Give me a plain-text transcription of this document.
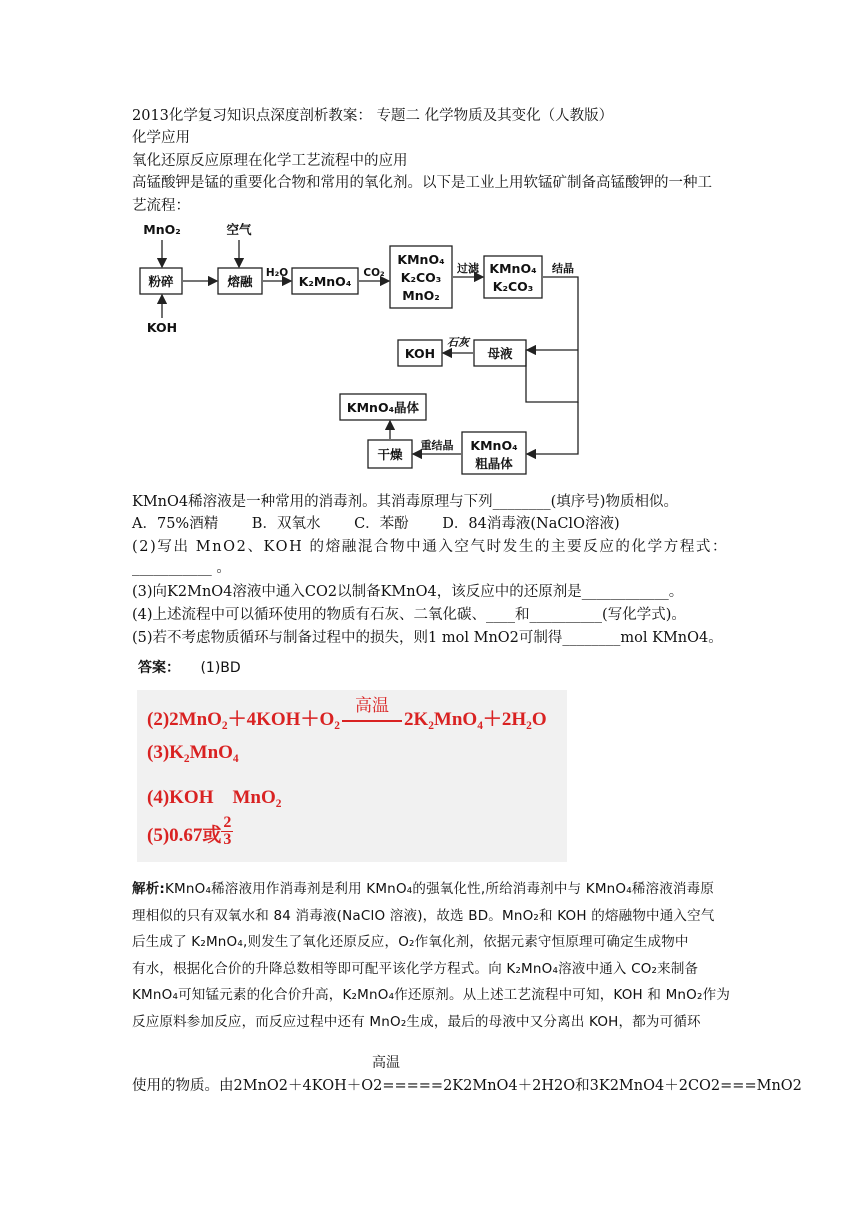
2013化学复习知识点深度剖析教案： 专题二 化学物质及其变化（人教版）
化学应用
氧化还原反应原理在化学工艺流程中的应用
高锰酸钾是锰的重要化合物和常用的氧化剂。以下是工业上用软锰矿制备高锰酸钾的一种工
艺流程：
MnO₂
KOH
空气
粉碎	熔融
H₂O
K₂MnO₄
CO₂
KMnO₄
K₂CO₃
MnO₂
过滤 KMnO₄
K₂CO₃
结晶
母液
石灰
KOH
KMnO₄
粗晶体
重结晶
干燥
KMnO₄晶体
KMnO4稀溶液是一种常用的消毒剂。其消毒原理与下列________(填序号)物质相似。
A．75%酒精　　 B．双氧水　　 C．苯酚　　 D．84消毒液(NaClO溶液)
(2)写出 MnO2、KOH 的熔融混合物中通入空气时发生的主要反应的化学方程式：
___________ 。
(3)向K2MnO4溶液中通入CO2以制备KMnO4，该反应中的还原剂是____________。
(4)上述流程中可以循环使用的物质有石灰、二氧化碳、____和__________(写化学式)。
(5)若不考虑物质循环与制备过程中的损失，则1 mol MnO2可制得________mol KMnO4。
答案： (1)BD
(2)2MnO₂＋4KOH＋O₂
高温
2K₂MnO₄＋2H₂O
(3)K₂MnO₄
(4)KOH　MnO₂
(5)0.67或 $\frac{2}{3}$

解析:KMnO₄稀溶液用作消毒剂是利用 KMnO₄的强氧化性,所给消毒剂中与 KMnO₄稀溶液消毒原

理相似的只有双氧水和 84 消毒液(NaClO 溶液)，故选 BD。MnO₂和 KOH 的熔融物中通入空气

后生成了 K₂MnO₄,则发生了氧化还原反应，O₂作氧化剂，依据元素守恒原理可确定生成物中

有水，根据化合价的升降总数相等即可配平该化学方程式。向 K₂MnO₄溶液中通入 CO₂来制备

KMnO₄可知锰元素的化合价升高，K₂MnO₄作还原剂。从上述工艺流程中可知，KOH 和 MnO₂作为

反应原料参加反应，而反应过程中还有 MnO₂生成，最后的母液中又分离出 KOH，都为可循环

高温
使用的物质。由2MnO2＋4KOH＋O2=====2K2MnO4＋2H2O和3K2MnO4＋2CO2===MnO2
